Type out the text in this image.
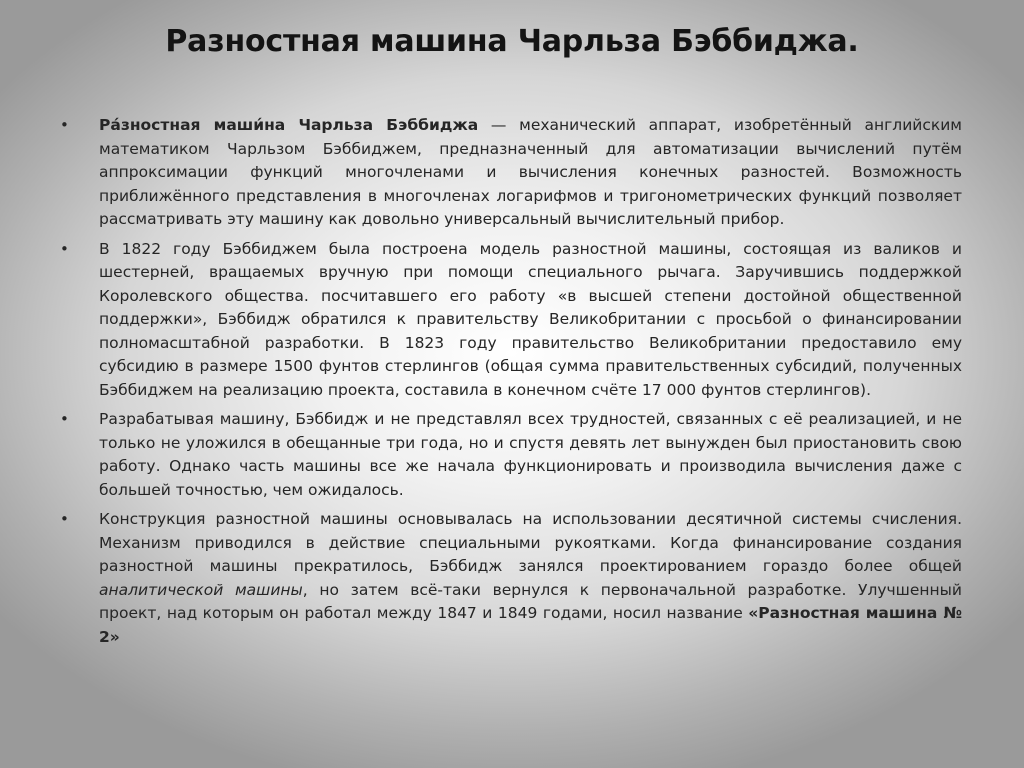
Разностная машина Чарльза Бэббиджа.
• Ра́зностная маши́на Чарльза Бэббиджа — механический аппарат, изобретённый английским математиком Чарльзом Бэббиджем, предназначенный для автоматизации вычислений путём аппроксимации функций многочленами и вычисления конечных разностей. Возможность приближённого представления в многочленах логарифмов и тригонометрических функций позволяет рассматривать эту машину как довольно универсальный вычислительный прибор.
• В 1822 году Бэббиджем была построена модель разностной машины, состоящая из валиков и шестерней, вращаемых вручную при помощи специального рычага. Заручившись поддержкой Королевского общества. посчитавшего его работу «в высшей степени достойной общественной поддержки», Бэббидж обратился к правительству Великобритании с просьбой о финансировании полномасштабной разработки. В 1823 году правительство Великобритании предоставило ему субсидию в размере 1500 фунтов стерлингов (общая сумма правительственных субсидий, полученных Бэббиджем на реализацию проекта, составила в конечном счёте 17 000 фунтов стерлингов).
• Разрабатывая машину, Бэббидж и не представлял всех трудностей, связанных с её реализацией, и не только не уложился в обещанные три года, но и спустя девять лет вынужден был приостановить свою работу. Однако часть машины все же начала функционировать и производила вычисления даже с большей точностью, чем ожидалось.
• Конструкция разностной машины основывалась на использовании десятичной системы счисления. Механизм приводился в действие специальными рукоятками. Когда финансирование создания разностной машины прекратилось, Бэббидж занялся проектированием гораздо более общей аналитической машины, но затем всё-таки вернулся к первоначальной разработке. Улучшенный проект, над которым он работал между 1847 и 1849 годами, носил название «Разностная машина № 2»
